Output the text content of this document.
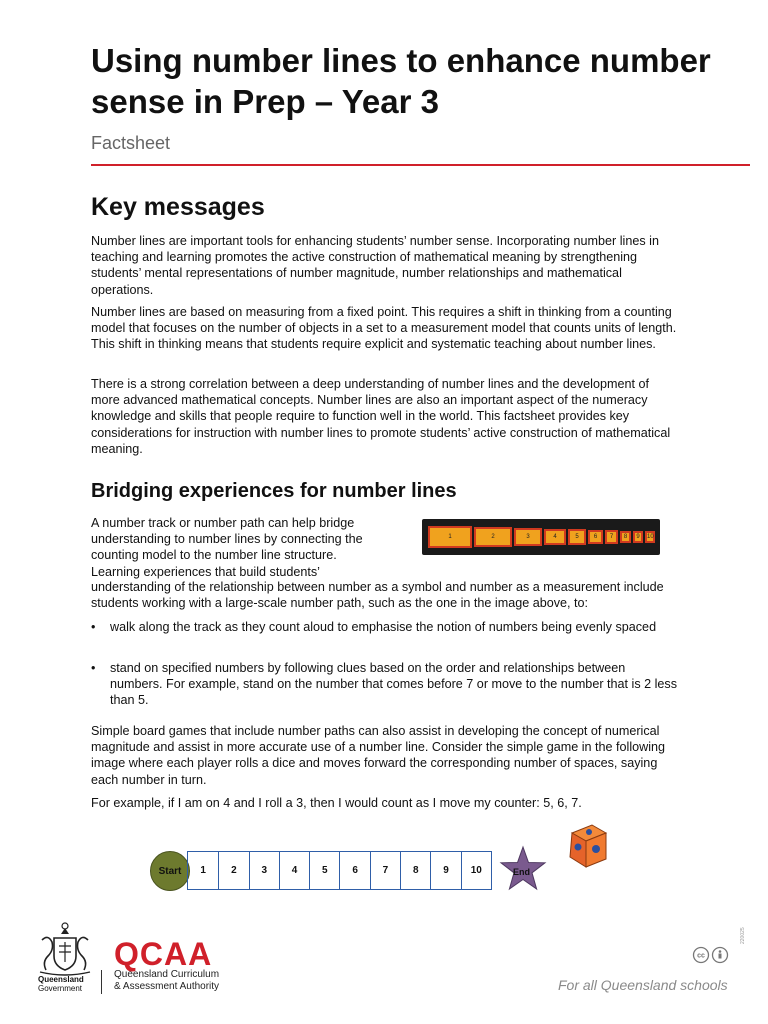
Using number lines to enhance number sense in Prep – Year 3
Factsheet
Key messages

Number lines are important tools for enhancing students’ number sense. Incorporating number lines in teaching and learning promotes the active construction of mathematical meaning by strengthening students’ mental representations of number magnitude, number relationships and mathematical operations.

Number lines are based on measuring from a fixed point. This requires a shift in thinking from a counting model that focuses on the number of objects in a set to a measurement model that counts units of length. This shift in thinking means that students require explicit and systematic teaching about number lines.

There is a strong correlation between a deep understanding of number lines and the development of more advanced mathematical concepts. Number lines are also an important aspect of the numeracy knowledge and skills that people require to function well in the world. This factsheet provides key considerations for instruction with number lines to promote students’ active construction of mathematical meaning.

Bridging experiences for number lines
A number track or number path can help bridge
understanding to number lines by connecting the
counting model to the number line structure.
Learning experiences that build students’

understanding of the relationship between number as a symbol and number as a measurement include students working with a large-scale number path, such as the one in the image above, to:

1	2	3	4	5	6	7	8	9	10
•	walk along the track as they count aloud to emphasise the notion of numbers being evenly spaced
•	stand on specified numbers by following clues based on the order and relationships between numbers. For example, stand on the number that comes before 7 or move to the number that is 2 less than 5.

Simple board games that include number paths can also assist in developing the concept of numerical magnitude and assist in more accurate use of a number line. Consider the simple game in the following image where each player rolls a dice and moves forward the corresponding number of spaces, saying each number in turn.

For example, if I am on 4 and I roll a 3, then I would count as I move my counter: 5, 6, 7.

Start	1	2	3	4	5	6	7	8	9	10	End
Queensland
Government
QCAA
Queensland Curriculum
& Assessment Authority
cc
220025
For all Queensland schools
